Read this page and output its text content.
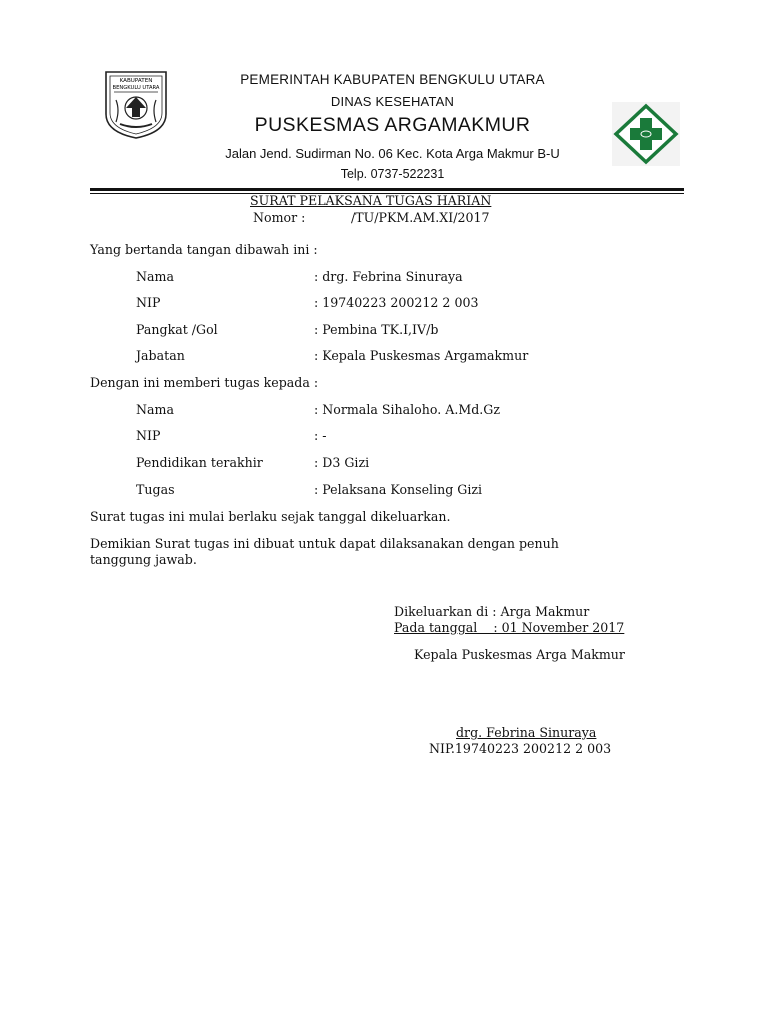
KABUPATEN
BENGKULU UTARA
PEMERINTAH KABUPATEN BENGKULU UTARA
DINAS KESEHATAN
PUSKESMAS ARGAMAKMUR
Jalan Jend. Sudirman No. 06 Kec. Kota Arga Makmur B-U
Telp. 0737-522231
SURAT PELAKSANA TUGAS HARIAN
Nomor :	/TU/PKM.AM.XI/2017
Yang bertanda tangan dibawah ini :
Nama	: drg. Febrina Sinuraya
NIP	: 19740223 200212 2 003
Pangkat /Gol	: Pembina TK.I,IV/b
Jabatan	: Kepala Puskesmas Argamakmur
Dengan ini memberi tugas kepada :
Nama	: Normala Sihaloho. A.Md.Gz
NIP	: -
Pendidikan terakhir	: D3 Gizi
Tugas	: Pelaksana Konseling Gizi
Surat tugas ini mulai berlaku sejak tanggal dikeluarkan.
Demikian Surat tugas ini dibuat untuk dapat dilaksanakan dengan penuh
tanggung jawab.
Dikeluarkan di : Arga Makmur
Pada tanggal    : 01 November 2017
Kepala Puskesmas Arga Makmur
drg. Febrina Sinuraya
NIP.19740223 200212 2 003
